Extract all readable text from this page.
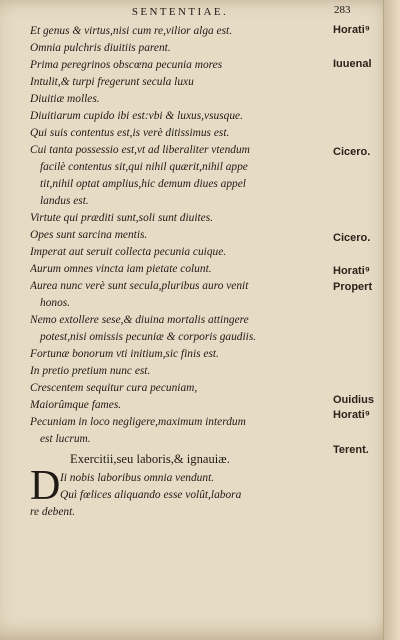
SENTENTIAE.	283
Et genus & virtus,nisi cum re,vilior alga est.
Omnia pulchris diuitiis parent.
Prima peregrinos obscœna pecunia mores
Intulit,& turpi fregerunt secula luxu
Diuitiæ molles.
Diuitiarum cupido ibi est:vbi & luxus,vsusque.
Qui suis contentus est,is verè ditissimus est.
Cui tanta possessio est,vt ad liberaliter vtendum
facilè contentus sit,qui nihil quærit,nihil appe
tit,nihil optat amplius,hic demum diues appel
landus est.
Virtute qui præditi sunt,soli sunt diuites.
Opes sunt sarcina mentis.
Imperat aut seruit collecta pecunia cuique.
Aurum omnes vincta iam pietate colunt.
Aurea nunc verè sunt secula,pluribus auro venit
honos.
Nemo extollere sese,& diuina mortalis attingere
potest,nisi omissis pecuniæ & corporis gaudiis.
Fortunæ bonorum vti initium,sic finis est.
In pretio pretium nunc est.
Crescentem sequitur cura pecuniam,
Maiorûmque fames.
Pecuniam in loco negligere,maximum interdum
est lucrum.
Exercitii,seu laboris,& ignauiæ.
D Ii nobis laboribus omnia vendunt.
Quì fœlices aliquando esse volût,labora
re debent.
Horati⁹
Iuuenal
Cicero.
Cicero.
Horati⁹
Propert
Ouidius
Horati⁹
Terent.
